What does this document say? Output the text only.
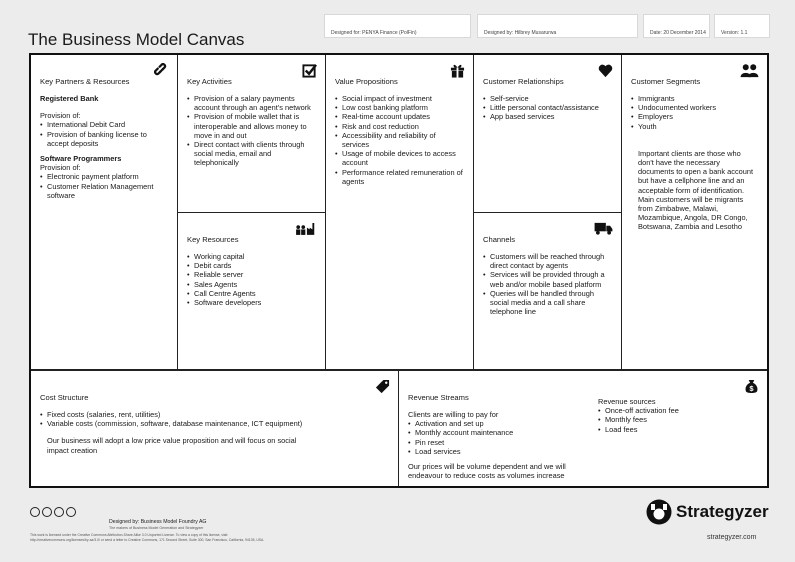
The Business Model Canvas	Designed for: PENYA Finance (PolFin)	Designed by: Hilbrey Musarurwa	Date: 20 December 2014	Version: 1.1
Key Partners & Resources

Registered Bank

Provision of:

• International Debit Card
• Provision of banking license to accept deposits

Software Programmers

Provision of:

• Electronic payment platform
• Customer Relation Management software
Key Activities
• Provision of a salary payments account through an agent's network
• Provision of mobile wallet that is interoperable and allows money to move in and out
• Direct contact with clients through social media, email and telephonically
Key Resources
• Working capital
• Debit cards
• Reliable server
• Sales Agents
• Call Centre Agents
• Software developers
Value Propositions
• Social impact of investment
• Low cost banking platform
• Real-time account updates
• Risk and cost reduction
• Accessibility and reliability of services
• Usage of mobile devices to access account
• Performance related remuneration of agents
Customer Relationships
• Self-service
• Little personal contact/assistance
• App based services
Channels
• Customers will be reached through direct contact by agents
• Services will be provided through a web and/or mobile based platform
• Queries will be handled through social media and a call share telephone line
Customer Segments
• Immigrants
• Undocumented workers
• Employers
• Youth

Important clients are those who don't have the necessary documents to open a bank account but have a cellphone line and an acceptable form of identification.

Main customers will be migrants from Zimbabwe, Malawi, Mozambique, Angola, DR Congo, Botswana, Zambia and Lesotho

Cost Structure
• Fixed costs (salaries, rent, utilities)
• Variable costs (commission, software, database maintenance, ICT equipment)

Our business will adopt a low price value proposition and will focus on social impact creation

Revenue Streams

Clients are willing to pay for

• Activation and set up
• Monthly account maintenance
• Pin reset
• Load services

Our prices will be volume dependent and we will endeavour to reduce costs as volumes increase

Revenue sources

• Once-off activation fee
• Monthly fees
• Load fees
$
Designed by: Business Model Foundry AG
The makers of Business Model Generation and Strategyzer
This work is licensed under the Creative Commons Attribution-Share Alike 3.0 Unported License. To view a copy of this license, visit:
http://creativecommons.org/licenses/by-sa/3.0/ or send a letter to Creative Commons, 171 Second Street, Suite 300, San Francisco, California, 94105, USA.
Strategyzer
strategyzer.com
